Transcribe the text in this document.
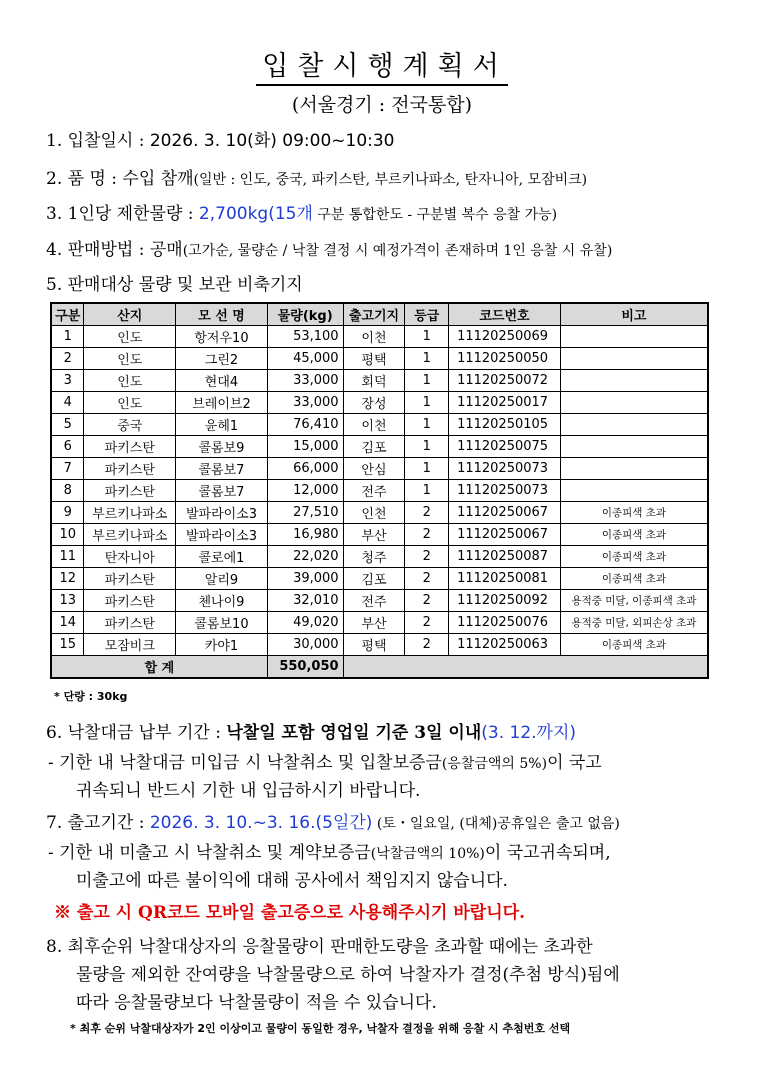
입찰시행계획서
(서울경기 : 전국통합)
1. 입찰일시 : 2026. 3. 10(화) 09:00~10:30
2. 품 명 : 수입 참깨(일반 : 인도, 중국, 파키스탄, 부르키나파소, 탄자니아, 모잠비크)
3. 1인당 제한물량 : 2,700kg(15개 구분 통합한도 - 구분별 복수 응찰 가능)
4. 판매방법 : 공매(고가순, 물량순 / 낙찰 결정 시 예정가격이 존재하며 1인 응찰 시 유찰)
5. 판매대상 물량 및 보관 비축기지
구분	산지	모 선 명	물량(kg)	출고기지	등급	코드번호	비고
1	인도	항저우10	53,100	이천	1	11120250069	
2	인도	그린2	45,000	평택	1	11120250050	
3	인도	현대4	33,000	회덕	1	11120250072	
4	인도	브레이브2	33,000	장성	1	11120250017	
5	중국	윤헤1	76,410	이천	1	11120250105	
6	파키스탄	콜롬보9	15,000	김포	1	11120250075	
7	파키스탄	콜롬보7	66,000	안심	1	11120250073	
8	파키스탄	콜롬보7	12,000	전주	1	11120250073	
9	부르키나파소	발파라이소3	27,510	인천	2	11120250067	이종피색 초과
10	부르키나파소	발파라이소3	16,980	부산	2	11120250067	이종피색 초과
11	탄자니아	콜로에1	22,020	청주	2	11120250087	이종피색 초과
12	파키스탄	알리9	39,000	김포	2	11120250081	이종피색 초과
13	파키스탄	첸나이9	32,010	전주	2	11120250092	용적중 미달, 이종피색 초과
14	파키스탄	콜롬보10	49,020	부산	2	11120250076	용적중 미달, 외피손상 초과
15	모잠비크	카야1	30,000	평택	2	11120250063	이종피색 초과
합 계			550,050				
* 단량 : 30kg
6. 낙찰대금 납부 기간 : 낙찰일 포함 영업일 기준 3일 이내(3. 12.까지)
- 기한 내 낙찰대금 미입금 시 낙찰취소 및 입찰보증금(응찰금액의 5%)이 국고
귀속되니 반드시 기한 내 입금하시기 바랍니다.
7. 출고기간 : 2026. 3. 10.~3. 16.(5일간) (토・일요일, (대체)공휴일은 출고 없음)
- 기한 내 미출고 시 낙찰취소 및 계약보증금(낙찰금액의 10%)이 국고귀속되며,
미출고에 따른 불이익에 대해 공사에서 책임지지 않습니다.
※ 출고 시 QR코드 모바일 출고증으로 사용해주시기 바랍니다.
8. 최후순위 낙찰대상자의 응찰물량이 판매한도량을 초과할 때에는 초과한
물량을 제외한 잔여량을 낙찰물량으로 하여 낙찰자가 결정(추첨 방식)됨에
따라 응찰물량보다 낙찰물량이 적을 수 있습니다.
* 최후 순위 낙찰대상자가 2인 이상이고 물량이 동일한 경우, 낙찰자 결정을 위해 응찰 시 추첨번호 선택
